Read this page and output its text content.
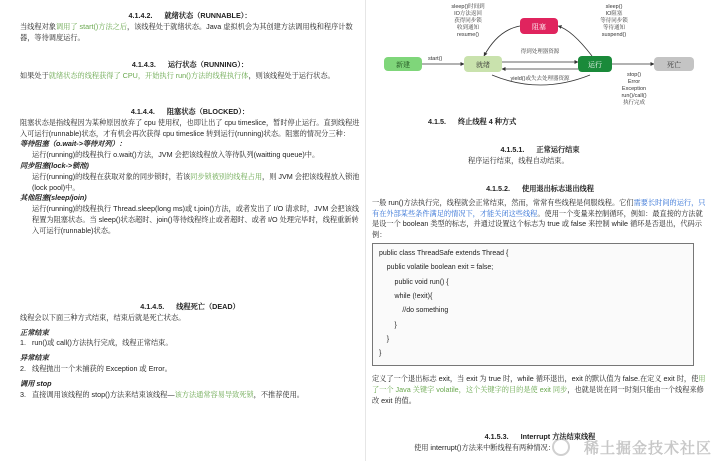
4.1.4.2. 就绪状态（RUNNABLE）：

当线程对象调用了 start()方法之后，该线程处于就绪状态。Java 虚拟机会为其创建方法调用栈和程序计数器，等待调度运行。

4.1.4.3. 运行状态（RUNNING）：

如果处于就绪状态的线程获得了 CPU，开始执行 run()方法的线程执行体，则该线程处于运行状态。

4.1.4.4. 阻塞状态（BLOCKED）：

阻塞状态是指线程因为某种原因放弃了 cpu 使用权，也即让出了 cpu timeslice，暂时停止运行。直到线程进入可运行(runnable)状态，才有机会再次获得 cpu timeslice 转到运行(running)状态。阻塞的情况分三种：

等待阻塞（o.wait->等待对列）：

运行(running)的线程执行 o.wait()方法，JVM 会把该线程放入等待队列(waitting queue)中。

同步阻塞(lock->锁池)

运行(running)的线程在获取对象的同步锁时，若该同步锁被别的线程占用，则 JVM 会把该线程放入锁池(lock pool)中。

其他阻塞(sleep/join)

运行(running)的线程执行 Thread.sleep(long ms)或 t.join()方法，或者发出了 I/O 请求时，JVM 会把该线程置为阻塞状态。当 sleep()状态超时、join()等待线程终止或者超时、或者 I/O 处理完毕时，线程重新转入可运行(runnable)状态。

4.1.4.5. 线程死亡（DEAD）

线程会以下面三种方式结束，结束后就是死亡状态。

正常结束

1. run()或 call()方法执行完成，线程正常结束。

异常结束

2. 线程抛出一个未捕获的 Exception 或 Error。

调用 stop

3. 直接调用该线程的 stop()方法来结束该线程—该方法通常容易导致死锁，不推荐使用。
新建	就绪
阻塞
运行	死亡
start()
得到处理器资源
yield()或失去处理器资源
sleep()时间到
IO方法返回
获得同步锁
收到通知
resume()
sleep()
IO阻塞
等待同步锁
等待通知
suspend()
stop()
Error
Exception
run()/call()
执行完成

4.1.5. 终止线程 4 种方式

4.1.5.1. 正常运行结束

程序运行结束，线程自动结束。

4.1.5.2. 使用退出标志退出线程

一般 run()方法执行完，线程就会正常结束，然而，常常有些线程是伺服线程。它们需要长时间的运行，只有在外部某些条件满足的情况下，才能关闭这些线程。使用一个变量来控制循环，例如：最直接的方法就是设一个 boolean 类型的标志，并通过设置这个标志为 true 或 false 来控制 while 循环是否退出，代码示例：

public class ThreadSafe extends Thread {
public volatile boolean exit = false;
public void run() {
while (!exit){
//do something
}
}
}

定义了一个退出标志 exit，当 exit 为 true 时，while 循环退出，exit 的默认值为 false.在定义 exit 时，使用了一个 Java 关键字 volatile，这个关键字的目的是使 exit 同步，也就是说在同一时刻只能由一个线程来修改 exit 的值。

4.1.5.3. Interrupt 方法结束线程

使用 interrupt()方法来中断线程有两种情况：	稀土掘金技术社区
